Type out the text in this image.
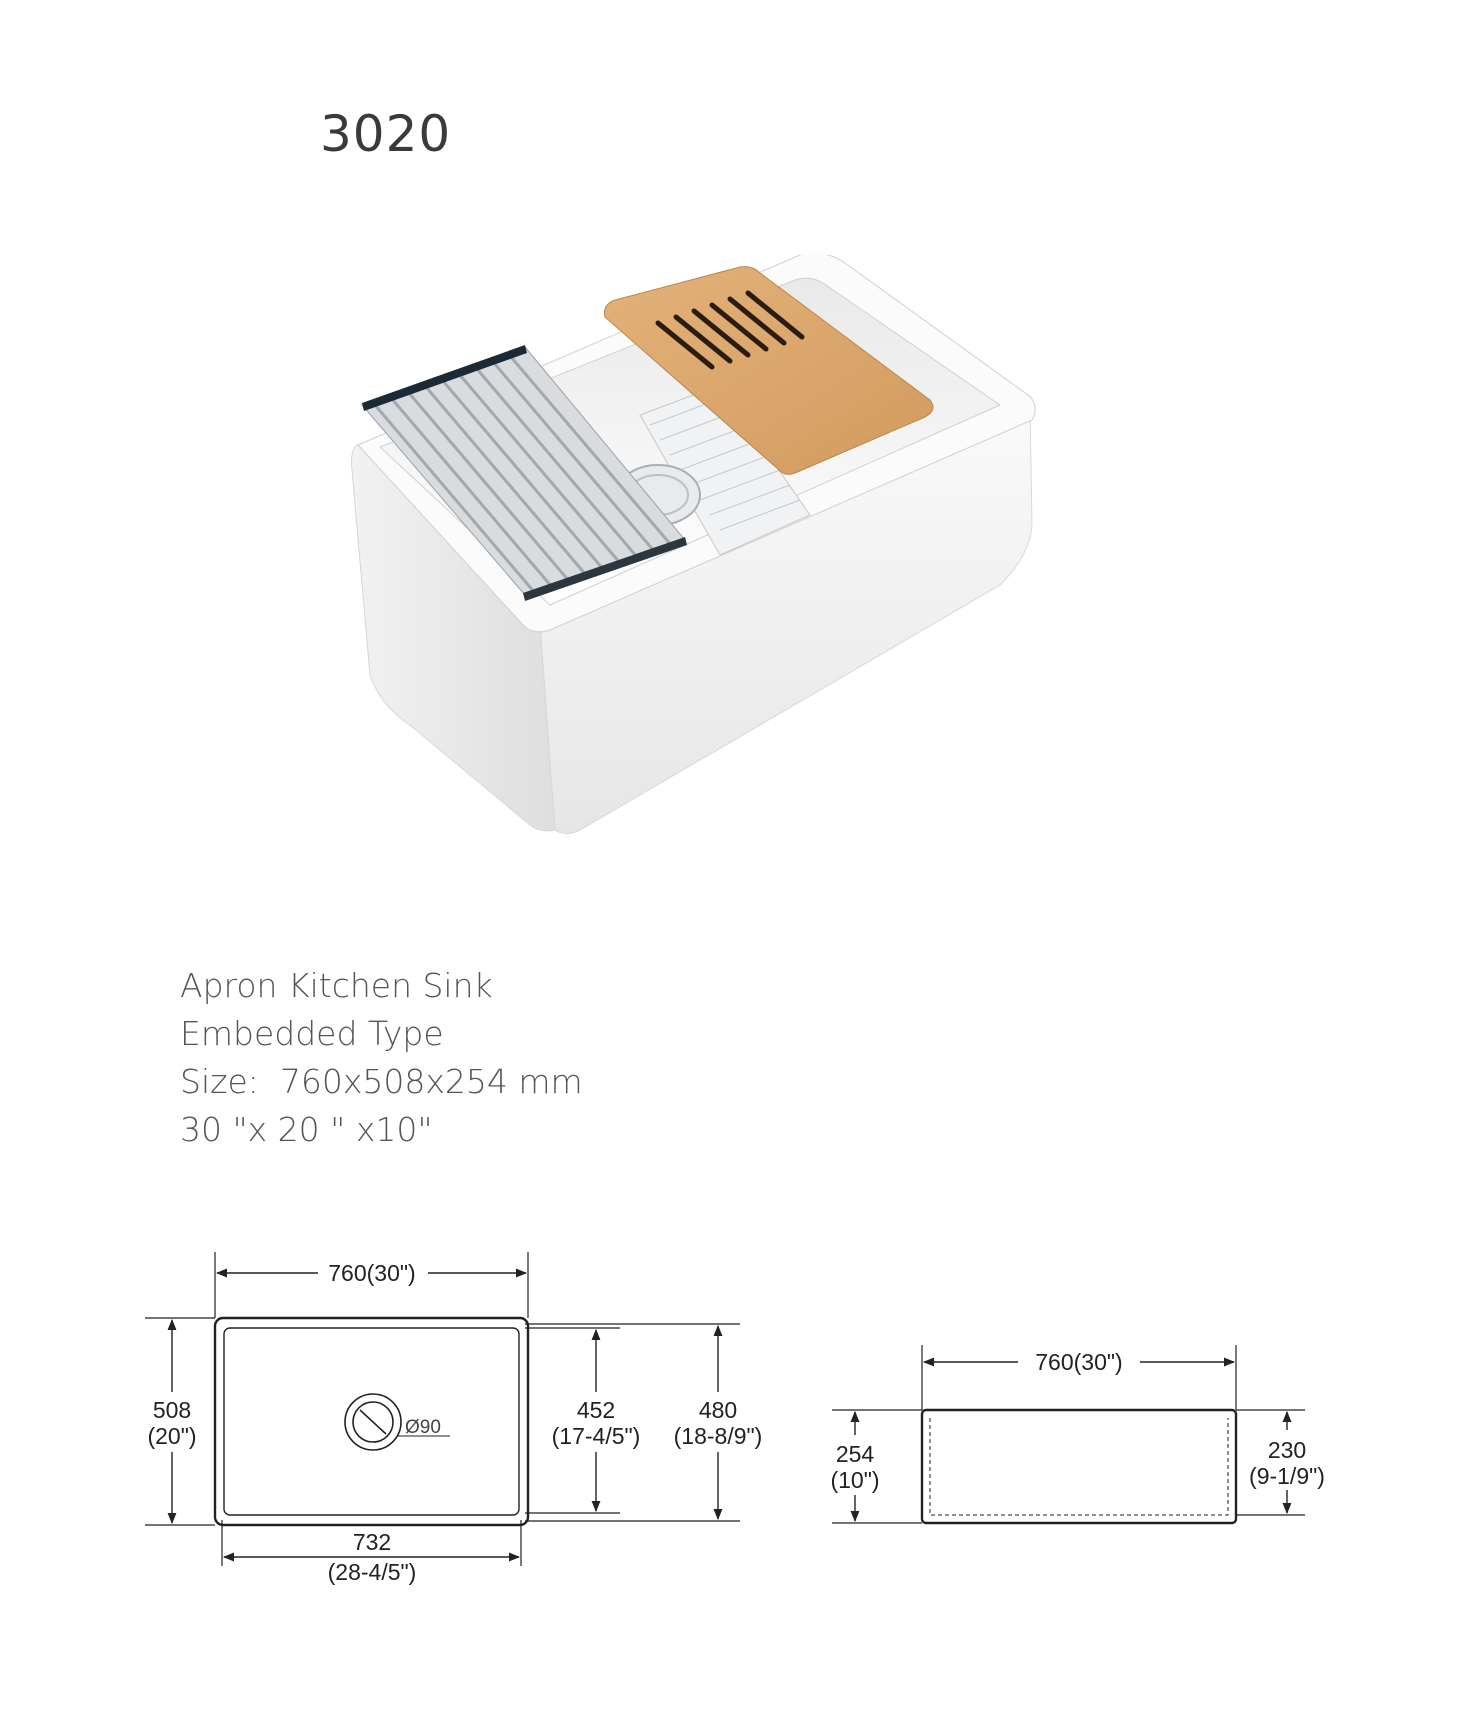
3020
Apron Kitchen Sink
Embedded Type
Size:  760x508x254 mm
30 "x 20 " x10"
760(30")
508
(20")
452
(17-4/5")
480
(18-8/9")
Ø90
732
(28-4/5")
760(30")
254
(10")
230
(9-1/9")
